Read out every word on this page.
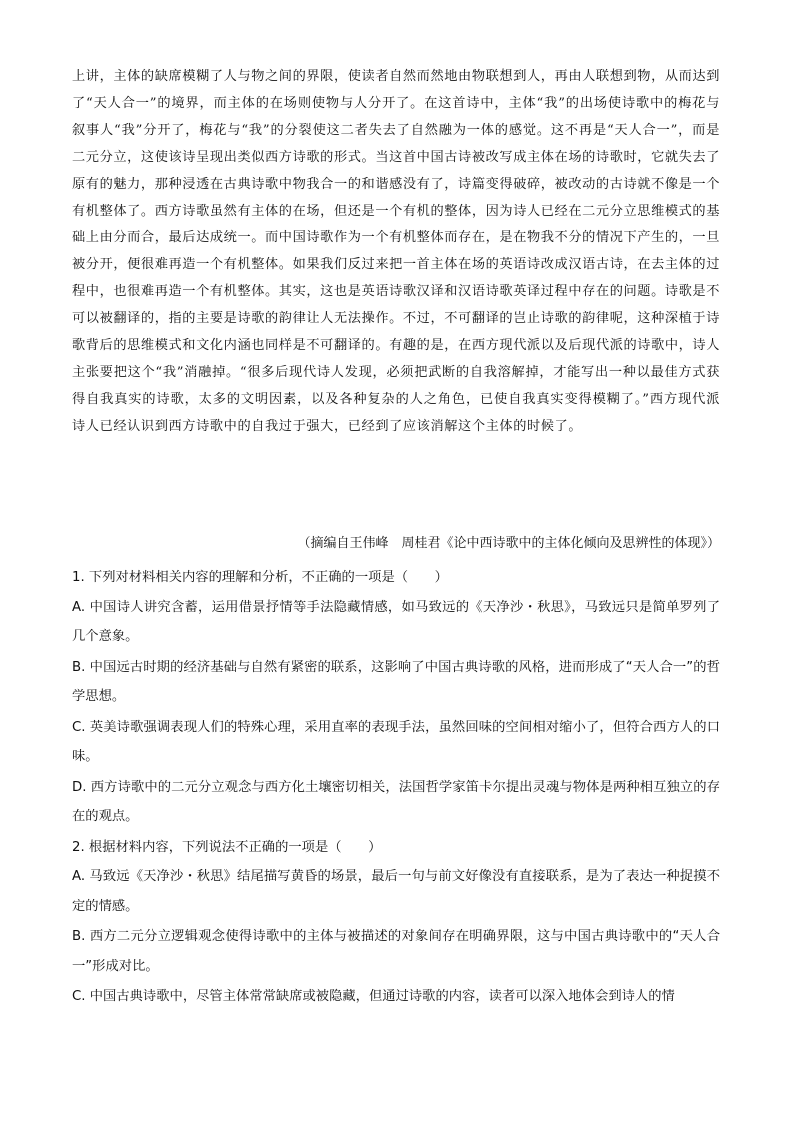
上讲，主体的缺席模糊了人与物之间的界限，使读者自然而然地由物联想到人，再由人联想到物，从而达到了“天人合一”的境界，而主体的在场则使物与人分开了。在这首诗中，主体“我”的出场使诗歌中的梅花与叙事人“我”分开了，梅花与“我”的分裂使这二者失去了自然融为一体的感觉。这不再是“天人合一”，而是二元分立，这使该诗呈现出类似西方诗歌的形式。当这首中国古诗被改写成主体在场的诗歌时，它就失去了原有的魅力，那种浸透在古典诗歌中物我合一的和谐感没有了，诗篇变得破碎，被改动的古诗就不像是一个有机整体了。西方诗歌虽然有主体的在场，但还是一个有机的整体，因为诗人已经在二元分立思维模式的基础上由分而合，最后达成统一。而中国诗歌作为一个有机整体而存在，是在物我不分的情况下产生的，一旦被分开，便很难再造一个有机整体。如果我们反过来把一首主体在场的英语诗改成汉语古诗，在去主体的过程中，也很难再造一个有机整体。其实，这也是英语诗歌汉译和汉语诗歌英译过程中存在的问题。诗歌是不可以被翻译的，指的主要是诗歌的韵律让人无法操作。不过，不可翻译的岂止诗歌的韵律呢，这种深植于诗歌背后的思维模式和文化内涵也同样是不可翻译的。有趣的是，在西方现代派以及后现代派的诗歌中，诗人主张要把这个“我”消融掉。“很多后现代诗人发现，必须把武断的自我溶解掉，才能写出一种以最佳方式获得自我真实的诗歌，太多的文明因素，以及各种复杂的人之角色，已使自我真实变得模糊了。”西方现代派诗人已经认识到西方诗歌中的自我过于强大，已经到了应该消解这个主体的时候了。

（摘编自王伟峰　周桂君《论中西诗歌中的主体化倾向及思辨性的体现》）

1. 下列对材料相关内容的理解和分析，不正确的一项是（　　）

A. 中国诗人讲究含蓄，运用借景抒情等手法隐藏情感，如马致远的《天净沙・秋思》，马致远只是简单罗列了几个意象。

B. 中国远古时期的经济基础与自然有紧密的联系，这影响了中国古典诗歌的风格，进而形成了“天人合一”的哲学思想。

C. 英美诗歌强调表现人们的特殊心理，采用直率的表现手法，虽然回味的空间相对缩小了，但符合西方人的口味。

D. 西方诗歌中的二元分立观念与西方化土壤密切相关，法国哲学家笛卡尔提出灵魂与物体是两种相互独立的存在的观点。

2. 根据材料内容，下列说法不正确的一项是（　　）

A. 马致远《天净沙・秋思》结尾描写黄昏的场景，最后一句与前文好像没有直接联系，是为了表达一种捉摸不定的情感。

B. 西方二元分立逻辑观念使得诗歌中的主体与被描述的对象间存在明确界限，这与中国古典诗歌中的“天人合一”形成对比。

C. 中国古典诗歌中，尽管主体常常缺席或被隐藏，但通过诗歌的内容，读者可以深入地体会到诗人的情
